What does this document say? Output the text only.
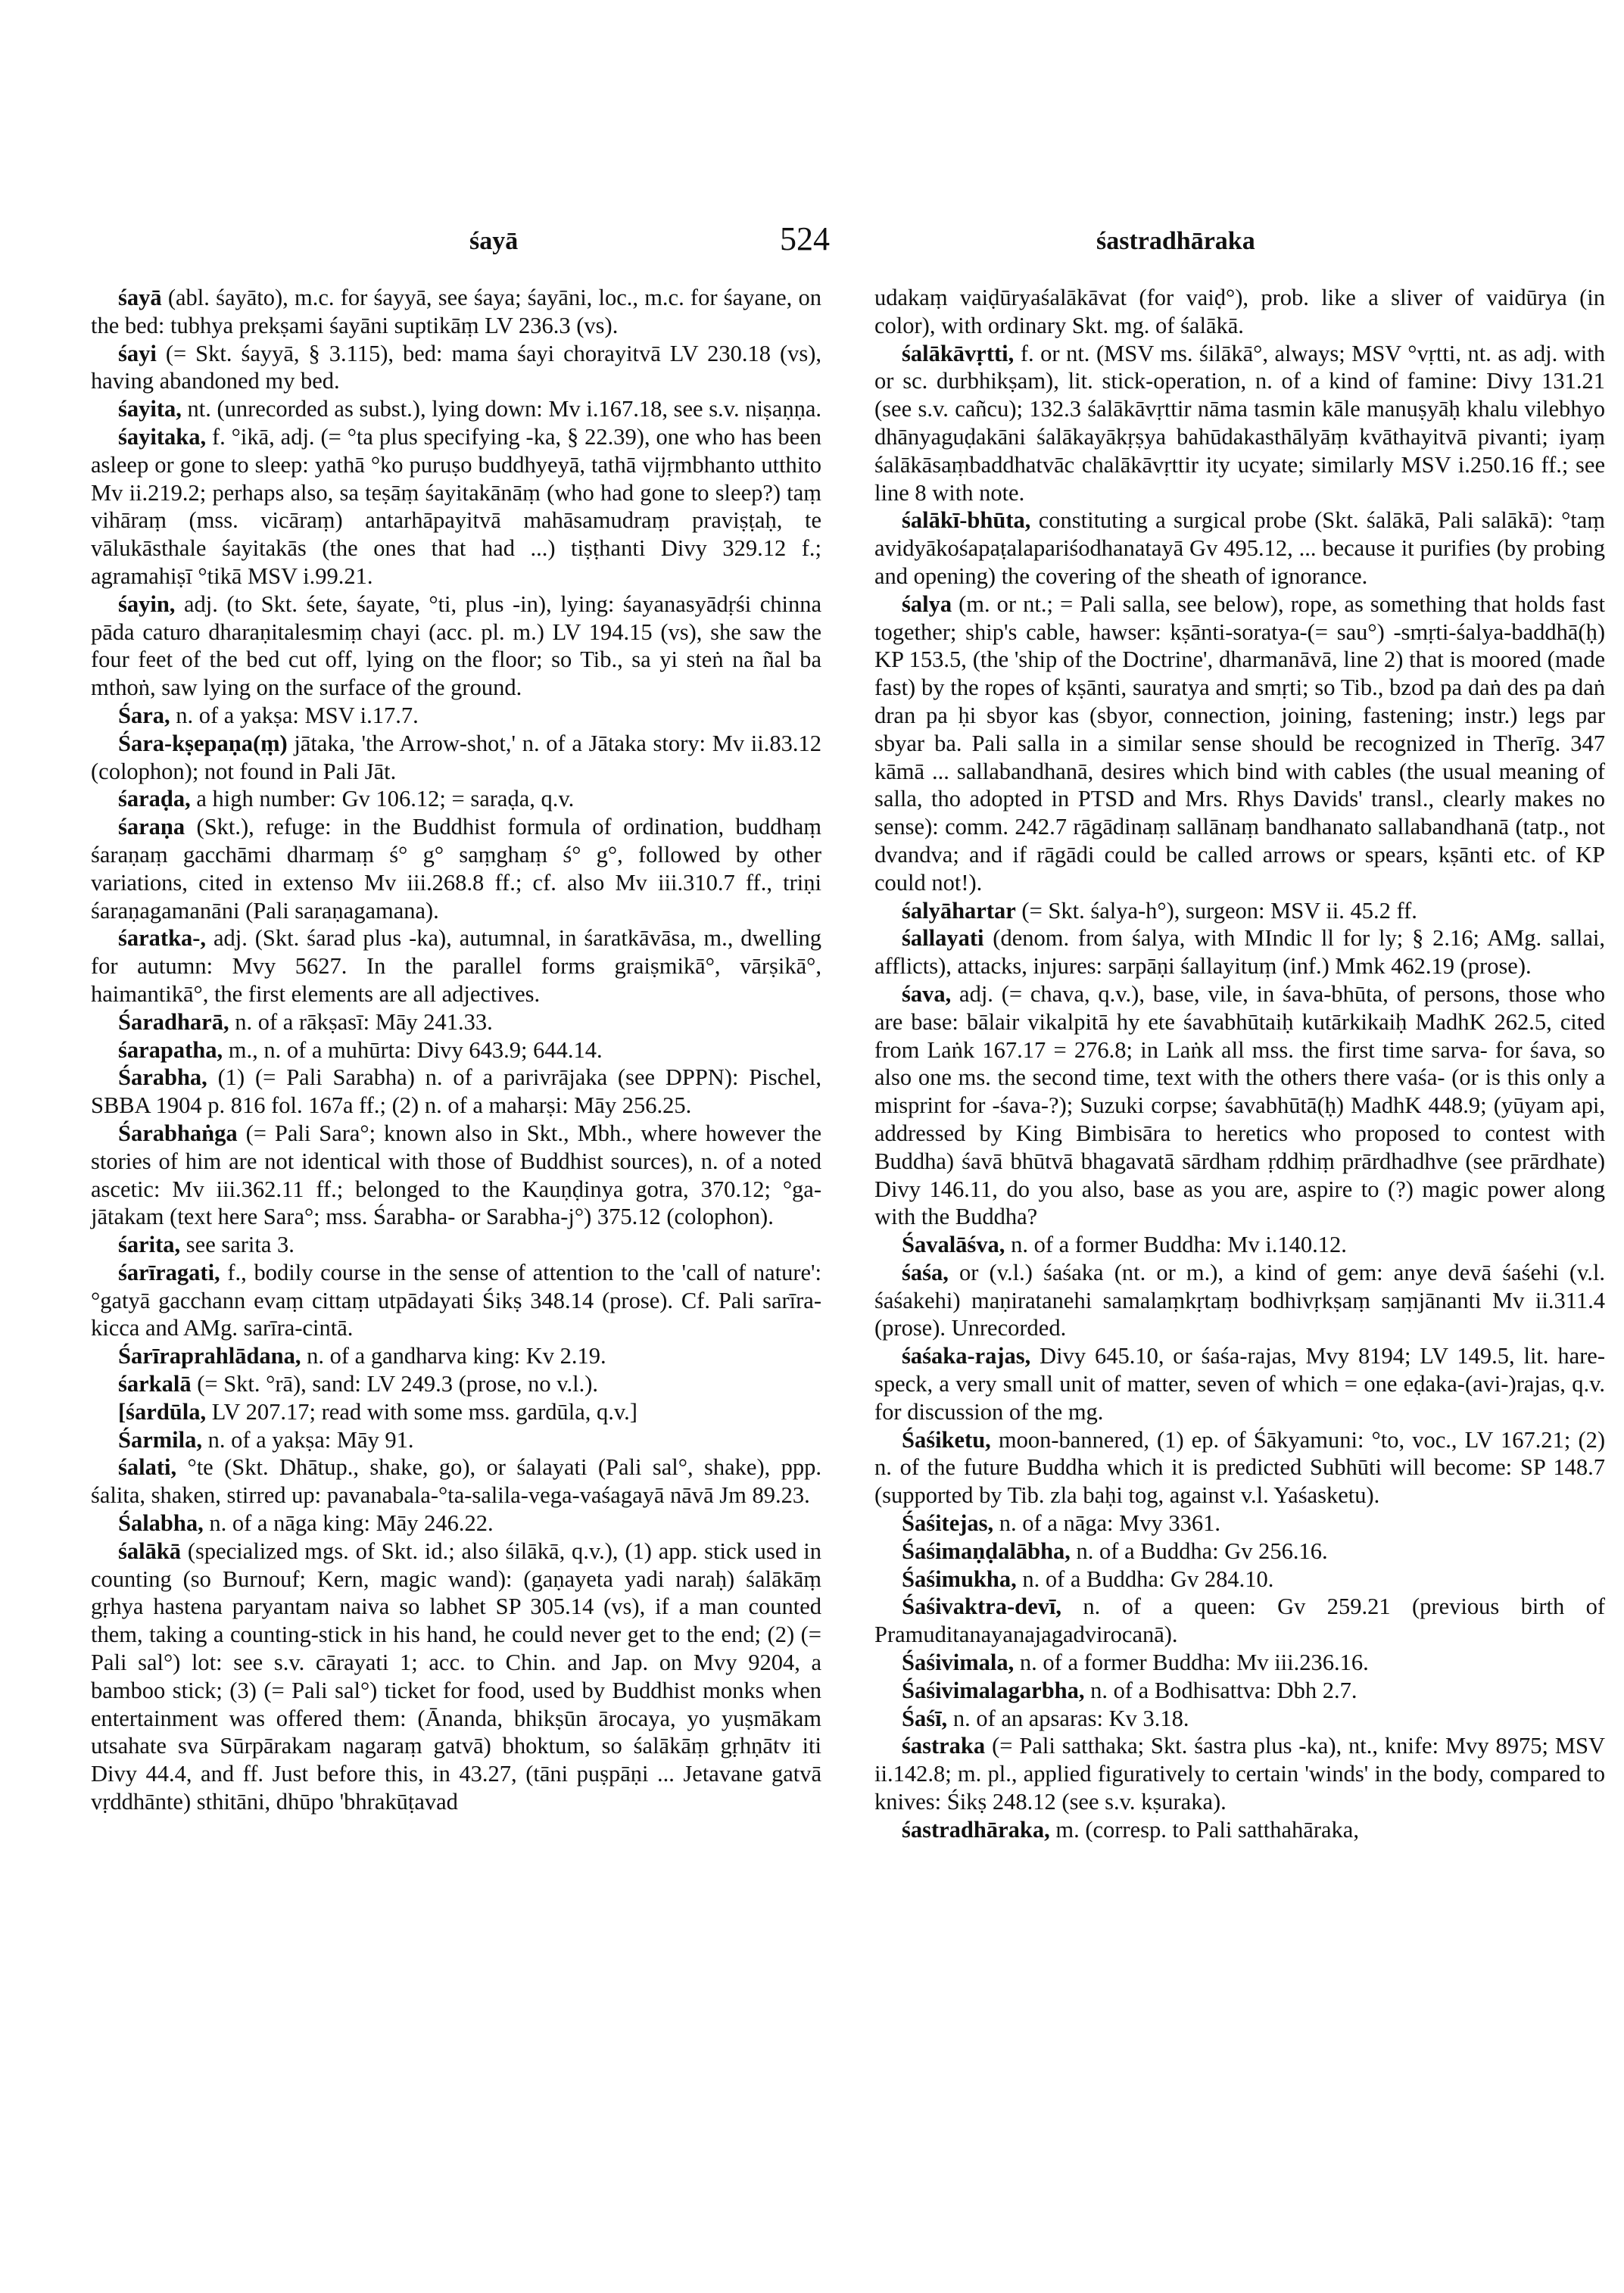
śayā	524	śastradhāraka

śayā (abl. śayāto), m.c. for śayyā, see śaya; śayāni, loc., m.c. for śayane, on the bed: tubhya prekṣami śayāni suptikāṃ LV 236.3 (vs).

śayi (= Skt. śayyā, § 3.115), bed: mama śayi chorayitvā LV 230.18 (vs), having abandoned my bed.

śayita, nt. (unrecorded as subst.), lying down: Mv i.167.18, see s.v. niṣaṇṇa.

śayitaka, f. °ikā, adj. (= °ta plus specifying -ka, § 22.39), one who has been asleep or gone to sleep: yathā °ko puruṣo buddhyeyā, tathā vijṛmbhanto utthito Mv ii.219.2; perhaps also, sa teṣāṃ śayitakānāṃ (who had gone to sleep?) taṃ vihāraṃ (mss. vicāraṃ) antarhāpayitvā mahāsamudraṃ praviṣṭaḥ, te vālukāsthale śayitakās (the ones that had ...) tiṣṭhanti Divy 329.12 f.; agramahiṣī °tikā MSV i.99.21.

śayin, adj. (to Skt. śete, śayate, °ti, plus -in), lying: śayanasyādṛśi chinna pāda caturo dharaṇitalesmiṃ chayi (acc. pl. m.) LV 194.15 (vs), she saw the four feet of the bed cut off, lying on the floor; so Tib., sa yi steṅ na ñal ba mthoṅ, saw lying on the surface of the ground.

Śara, n. of a yakṣa: MSV i.17.7.

Śara-kṣepaṇa(ṃ) jātaka, 'the Arrow-shot,' n. of a Jātaka story: Mv ii.83.12 (colophon); not found in Pali Jāt.

śaraḍa, a high number: Gv 106.12; = saraḍa, q.v.

śaraṇa (Skt.), refuge: in the Buddhist formula of ordination, buddhaṃ śaraṇaṃ gacchāmi dharmaṃ ś° g° saṃghaṃ ś° g°, followed by other variations, cited in extenso Mv iii.268.8 ff.; cf. also Mv iii.310.7 ff., triṇi śaraṇagamanāni (Pali saraṇagamana).

śaratka-, adj. (Skt. śarad plus -ka), autumnal, in śaratkāvāsa, m., dwelling for autumn: Mvy 5627. In the parallel forms graiṣmikā°, vārṣikā°, haimantikā°, the first elements are all adjectives.

Śaradharā, n. of a rākṣasī: Māy 241.33.

śarapatha, m., n. of a muhūrta: Divy 643.9; 644.14.

Śarabha, (1) (= Pali Sarabha) n. of a parivrājaka (see DPPN): Pischel, SBBA 1904 p. 816 fol. 167a ff.; (2) n. of a maharṣi: Māy 256.25.

Śarabhaṅga (= Pali Sara°; known also in Skt., Mbh., where however the stories of him are not identical with those of Buddhist sources), n. of a noted ascetic: Mv iii.362.11 ff.; belonged to the Kauṇḍinya gotra, 370.12; °ga-jātakam (text here Sara°; mss. Śarabha- or Sarabha-j°) 375.12 (colophon).

śarita, see sarita 3.

śarīragati, f., bodily course in the sense of attention to the 'call of nature': °gatyā gacchann evaṃ cittaṃ utpādayati Śikṣ 348.14 (prose). Cf. Pali sarīra-kicca and AMg. sarīra-cintā.

Śarīraprahlādana, n. of a gandharva king: Kv 2.19.

śarkalā (= Skt. °rā), sand: LV 249.3 (prose, no v.l.).

[śardūla, LV 207.17; read with some mss. gardūla, q.v.]

Śarmila, n. of a yakṣa: Māy 91.

śalati, °te (Skt. Dhātup., shake, go), or śalayati (Pali sal°, shake), ppp. śalita, shaken, stirred up: pavanabala-°ta-salila-vega-vaśagayā nāvā Jm 89.23.

Śalabha, n. of a nāga king: Māy 246.22.

śalākā (specialized mgs. of Skt. id.; also śilākā, q.v.), (1) app. stick used in counting (so Burnouf; Kern, magic wand): (gaṇayeta yadi naraḥ) śalākāṃ gṛhya hastena paryantam naiva so labhet SP 305.14 (vs), if a man counted them, taking a counting-stick in his hand, he could never get to the end; (2) (= Pali sal°) lot: see s.v. cārayati 1; acc. to Chin. and Jap. on Mvy 9204, a bamboo stick; (3) (= Pali sal°) ticket for food, used by Buddhist monks when entertainment was offered them: (Ānanda, bhikṣūn ārocaya, yo yuṣmākam utsahate sva Sūrpārakam nagaraṃ gatvā) bhoktum, so śalākāṃ gṛhṇātv iti Divy 44.4, and ff. Just before this, in 43.27, (tāni puṣpāṇi ... Jetavane gatvā vṛddhānte) sthitāni, dhūpo 'bhrakūṭavad

udakaṃ vaiḍūryaśalākāvat (for vaiḍ°), prob. like a sliver of vaidūrya (in color), with ordinary Skt. mg. of śalākā.

śalākāvṛtti, f. or nt. (MSV ms. śilākā°, always; MSV °vṛtti, nt. as adj. with or sc. durbhikṣam), lit. stick-operation, n. of a kind of famine: Divy 131.21 (see s.v. cañcu); 132.3 śalākāvṛttir nāma tasmin kāle manuṣyāḥ khalu vilebhyo dhānyaguḍakāni śalākayākṛṣya bahūdakasthālyāṃ kvāthayitvā pivanti; iyaṃ śalākāsaṃbaddhatvāc chalākāvṛttir ity ucyate; similarly MSV i.250.16 ff.; see line 8 with note.

śalākī-bhūta, constituting a surgical probe (Skt. śalākā, Pali salākā): °taṃ avidyākośapaṭalapariśodhanatayā Gv 495.12, ... because it purifies (by probing and opening) the covering of the sheath of ignorance.

śalya (m. or nt.; = Pali salla, see below), rope, as something that holds fast together; ship's cable, hawser: kṣānti-soratya-(= sau°) -smṛti-śalya-baddhā(ḥ) KP 153.5, (the 'ship of the Doctrine', dharmanāvā, line 2) that is moored (made fast) by the ropes of kṣānti, sauratya and smṛti; so Tib., bzod pa daṅ des pa daṅ dran pa ḥi sbyor kas (sbyor, connection, joining, fastening; instr.) legs par sbyar ba. Pali salla in a similar sense should be recognized in Therīg. 347 kāmā ... sallabandhanā, desires which bind with cables (the usual meaning of salla, tho adopted in PTSD and Mrs. Rhys Davids' transl., clearly makes no sense): comm. 242.7 rāgādinaṃ sallānaṃ bandhanato sallabandhanā (tatp., not dvandva; and if rāgādi could be called arrows or spears, kṣānti etc. of KP could not!).

śalyāhartar (= Skt. śalya-h°), surgeon: MSV ii. 45.2 ff.

śallayati (denom. from śalya, with MIndic ll for ly; § 2.16; AMg. sallai, afflicts), attacks, injures: sarpāṇi śallayituṃ (inf.) Mmk 462.19 (prose).

śava, adj. (= chava, q.v.), base, vile, in śava-bhūta, of persons, those who are base: bālair vikalpitā hy ete śavabhūtaiḥ kutārkikaiḥ MadhK 262.5, cited from Laṅk 167.17 = 276.8; in Laṅk all mss. the first time sarva- for śava, so also one ms. the second time, text with the others there vaśa- (or is this only a misprint for -śava-?); Suzuki corpse; śavabhūtā(ḥ) MadhK 448.9; (yūyam api, addressed by King Bimbisāra to heretics who proposed to contest with Buddha) śavā bhūtvā bhagavatā sārdham ṛddhiṃ prārdhadhve (see prārdhate) Divy 146.11, do you also, base as you are, aspire to (?) magic power along with the Buddha?

Śavalāśva, n. of a former Buddha: Mv i.140.12.

śaśa, or (v.l.) śaśaka (nt. or m.), a kind of gem: anye devā śaśehi (v.l. śaśakehi) maṇiratanehi samalaṃkṛtaṃ bodhivṛkṣaṃ saṃjānanti Mv ii.311.4 (prose). Unrecorded.

śaśaka-rajas, Divy 645.10, or śaśa-rajas, Mvy 8194; LV 149.5, lit. hare-speck, a very small unit of matter, seven of which = one eḍaka-(avi-)rajas, q.v. for discussion of the mg.

Śaśiketu, moon-bannered, (1) ep. of Śākyamuni: °to, voc., LV 167.21; (2) n. of the future Buddha which it is predicted Subhūti will become: SP 148.7 (supported by Tib. zla baḥi tog, against v.l. Yaśasketu).

Śaśitejas, n. of a nāga: Mvy 3361.

Śaśimaṇḍalābha, n. of a Buddha: Gv 256.16.

Śaśimukha, n. of a Buddha: Gv 284.10.

Śaśivaktra-devī, n. of a queen: Gv 259.21 (previous birth of Pramuditanayanajagadvirocanā).

Śaśivimala, n. of a former Buddha: Mv iii.236.16.

Śaśivimalagarbha, n. of a Bodhisattva: Dbh 2.7.

Śaśī, n. of an apsaras: Kv 3.18.

śastraka (= Pali satthaka; Skt. śastra plus -ka), nt., knife: Mvy 8975; MSV ii.142.8; m. pl., applied figuratively to certain 'winds' in the body, compared to knives: Śikṣ 248.12 (see s.v. kṣuraka).

śastradhāraka, m. (corresp. to Pali satthahāraka,
